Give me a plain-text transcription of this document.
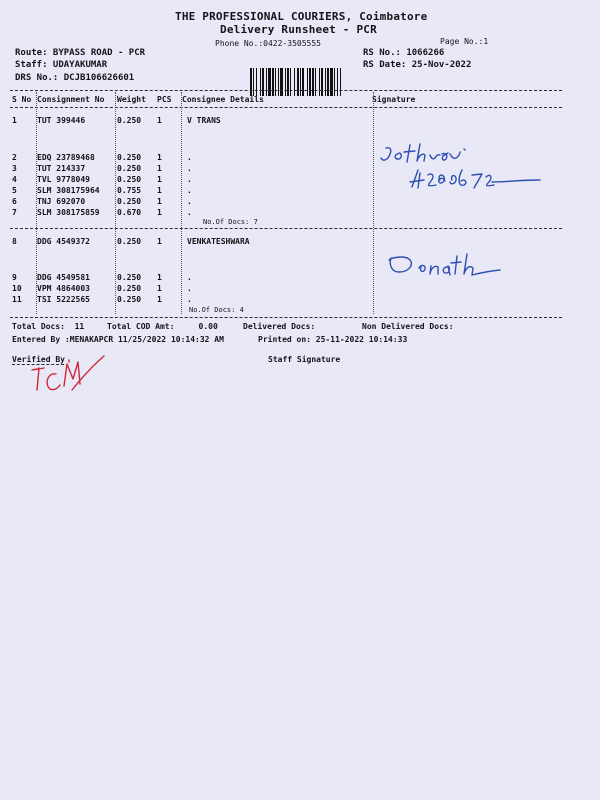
THE PROFESSIONAL COURIERS, Coimbatore
Delivery Runsheet - PCR
Phone No.:0422-3505555	Page No.:1
Route: BYPASS ROAD - PCR
Staff: UDAYAKUMAR
DRS No.: DCJB106626601
RS No.: 1066266
RS Date: 25-Nov-2022

S No Consignment No Weight PCS Consignee Details	Signature
1	TUT 399446	0.250 1	V TRANS
2	EDQ 23789468	0.250 1	.
3	TUT 214337	0.250 1	.
4	TVL 9778049	0.250 1	.
5	SLM 308175964 0.755 1	.
6	TNJ 692070	0.250 1	.
7	SLM 308175859 0.670 1	.
No.Of Docs: 7
8	DDG 4549372	0.250 1	VENKATESHWARA
9	DDG 4549581	0.250 1	.
10 VPM 4864003	0.250 1	.
11 TSI 5222565	0.250 1	.
No.Of Docs: 4
Total Docs:  11	Total COD Amt:     0.00	Delivered Docs:	Non Delivered Docs:
Entered By :MENAKAPCR 11/25/2022 10:14:32 AM	Printed on: 25-11-2022 10:14:33
Verified By	Staff Signature
